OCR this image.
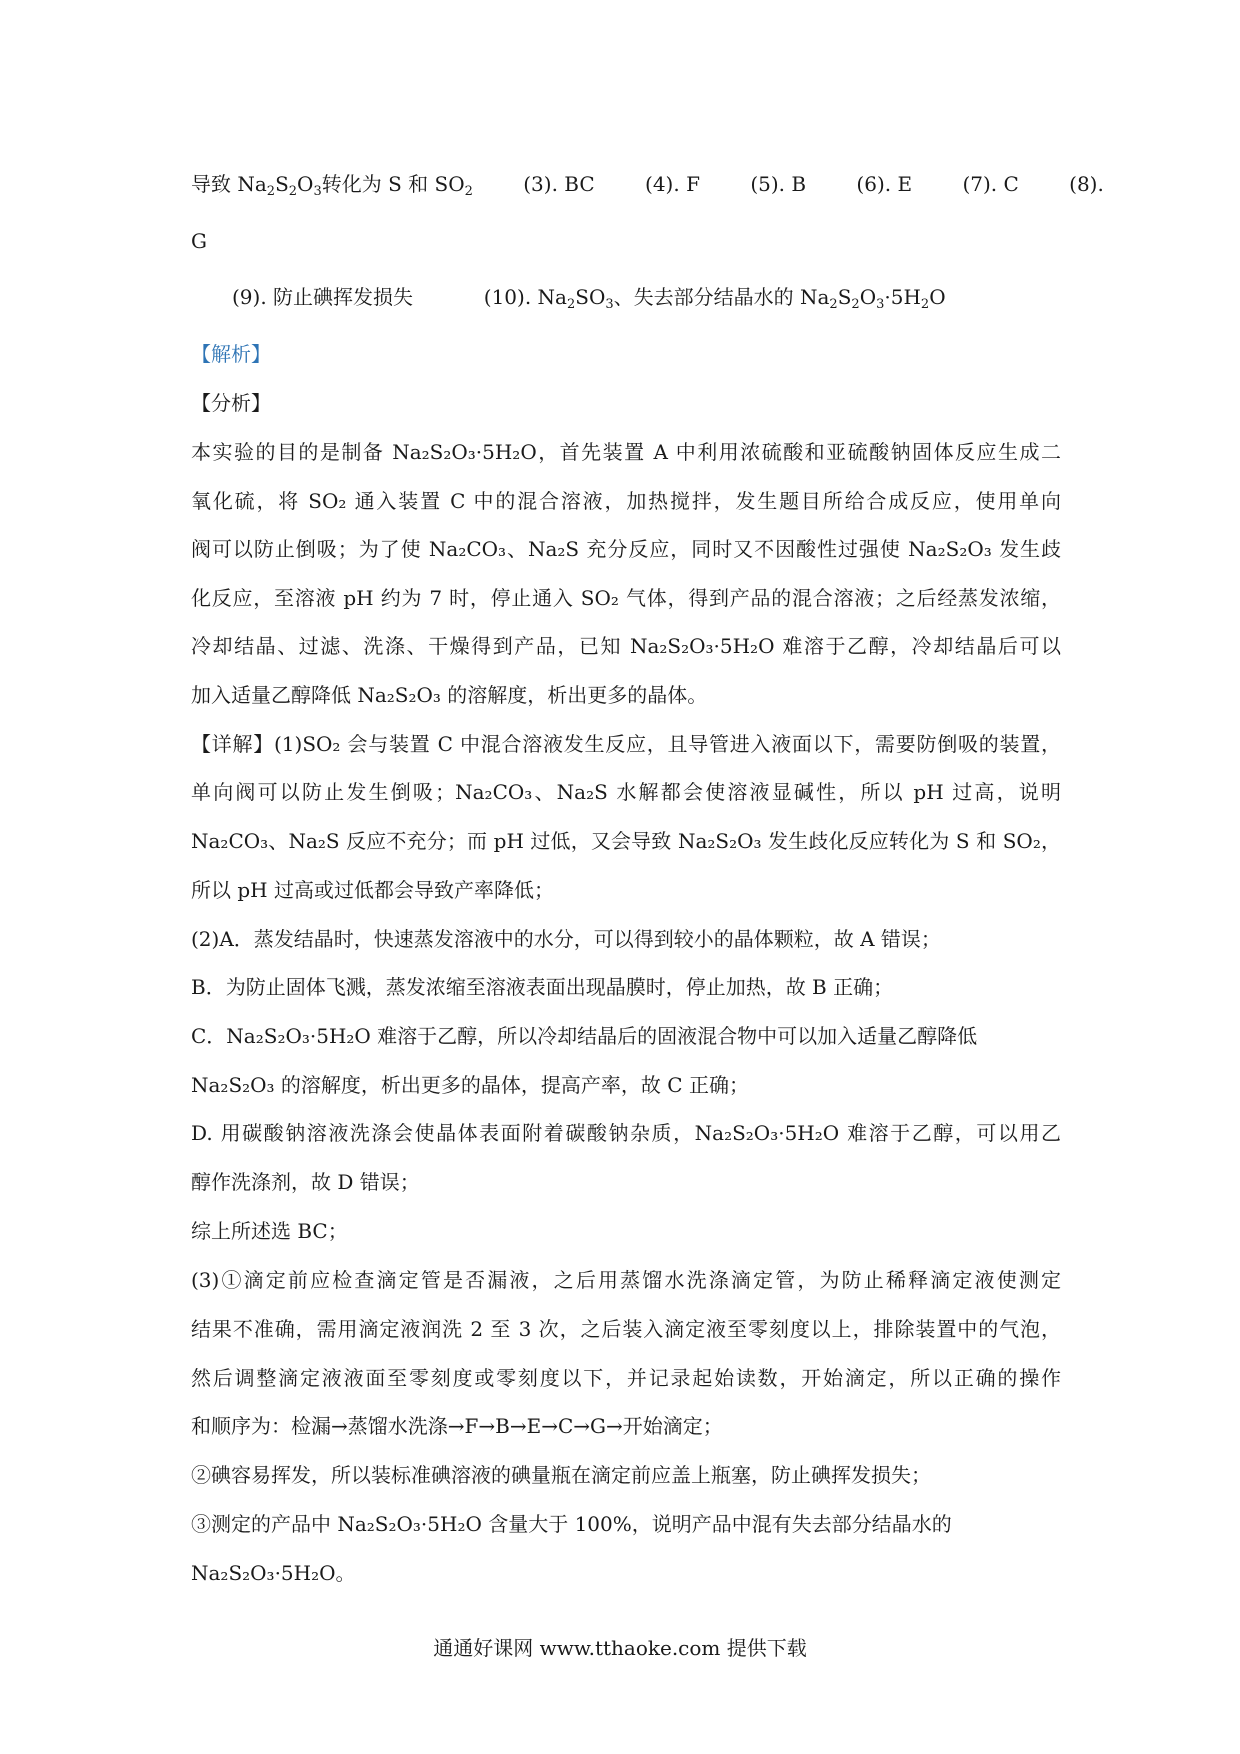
导致 $Na_2S_2O_3$转化为 S 和 $SO_2$	(3). BC	(4). F	(5). B	(6). E	(7). C	(8).
G
(9). 防止碘挥发损失	(10). $Na_2SO_3$、失去部分结晶水的 $Na_2S_2O_3\cdot 5H_2O$
【解析】
【分析】
本实验的目的是制备 Na₂S₂O₃·5H₂O，首先装置 A 中利用浓硫酸和亚硫酸钠固体反应生成二
氧化硫，将 SO₂ 通入装置 C 中的混合溶液，加热搅拌，发生题目所给合成反应，使用单向
阀可以防止倒吸；为了使 Na₂CO₃、Na₂S 充分反应，同时又不因酸性过强使 Na₂S₂O₃ 发生歧
化反应，至溶液 pH 约为 7 时，停止通入 SO₂ 气体，得到产品的混合溶液；之后经蒸发浓缩，
冷却结晶、过滤、洗涤、干燥得到产品，已知 Na₂S₂O₃·5H₂O 难溶于乙醇，冷却结晶后可以
加入适量乙醇降低 Na₂S₂O₃ 的溶解度，析出更多的晶体。
【详解】(1)SO₂ 会与装置 C 中混合溶液发生反应，且导管进入液面以下，需要防倒吸的装置，
单向阀可以防止发生倒吸；Na₂CO₃、Na₂S 水解都会使溶液显碱性，所以 pH 过高，说明
Na₂CO₃、Na₂S 反应不充分；而 pH 过低，又会导致 Na₂S₂O₃ 发生歧化反应转化为 S 和 SO₂，
所以 pH 过高或过低都会导致产率降低；
(2)A．蒸发结晶时，快速蒸发溶液中的水分，可以得到较小的晶体颗粒，故 A 错误；
B．为防止固体飞溅，蒸发浓缩至溶液表面出现晶膜时，停止加热，故 B 正确；
C．Na₂S₂O₃·5H₂O 难溶于乙醇，所以冷却结晶后的固液混合物中可以加入适量乙醇降低
Na₂S₂O₃ 的溶解度，析出更多的晶体，提高产率，故 C 正确；
D. 用碳酸钠溶液洗涤会使晶体表面附着碳酸钠杂质，Na₂S₂O₃·5H₂O 难溶于乙醇，可以用乙
醇作洗涤剂，故 D 错误；
综上所述选 BC；
(3)①滴定前应检查滴定管是否漏液，之后用蒸馏水洗涤滴定管，为防止稀释滴定液使测定
结果不准确，需用滴定液润洗 2 至 3 次，之后装入滴定液至零刻度以上，排除装置中的气泡，
然后调整滴定液液面至零刻度或零刻度以下，并记录起始读数，开始滴定，所以正确的操作
和顺序为：检漏→蒸馏水洗涤→F→B→E→C→G→开始滴定；
②碘容易挥发，所以装标准碘溶液的碘量瓶在滴定前应盖上瓶塞，防止碘挥发损失；
③测定的产品中 Na₂S₂O₃·5H₂O 含量大于 100%，说明产品中混有失去部分结晶水的
Na₂S₂O₃·5H₂O。
通通好课网 www.tthaoke.com 提供下载
